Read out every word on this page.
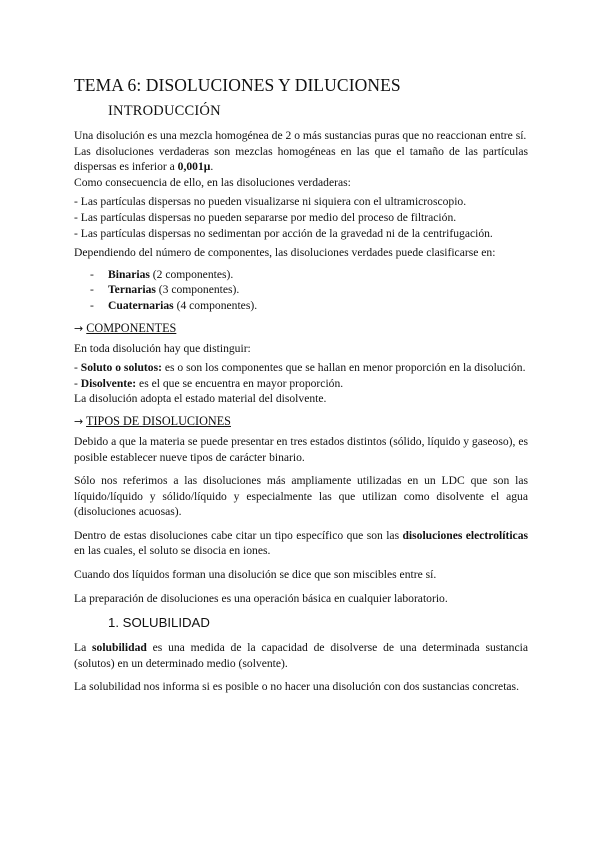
TEMA 6: DISOLUCIONES Y DILUCIONES
INTRODUCCIÓN

Una disolución es una mezcla homogénea de 2 o más sustancias puras que no reaccionan entre sí.

Las disoluciones verdaderas son mezclas homogéneas en las que el tamaño de las partículas dispersas es inferior a 0,001μ.

Como consecuencia de ello, en las disoluciones verdaderas:

- Las partículas dispersas no pueden visualizarse ni siquiera con el ultramicroscopio.

- Las partículas dispersas no pueden separarse por medio del proceso de filtración.

- Las partículas dispersas no sedimentan por acción de la gravedad ni de la centrifugación.

Dependiendo del número de componentes, las disoluciones verdades puede clasificarse en:

- Binarias (2 componentes).
- Ternarias (3 componentes).
- Cuaternarias (4 componentes).
→ COMPONENTES

En toda disolución hay que distinguir:

- Soluto o solutos: es o son los componentes que se hallan en menor proporción en la disolución.

- Disolvente: es el que se encuentra en mayor proporción.

La disolución adopta el estado material del disolvente.

→ TIPOS DE DISOLUCIONES

Debido a que la materia se puede presentar en tres estados distintos (sólido, líquido y gaseoso), es posible establecer nueve tipos de carácter binario.

Sólo nos referimos a las disoluciones más ampliamente utilizadas en un LDC que son las líquido/líquido y sólido/líquido y especialmente las que utilizan como disolvente el agua (disoluciones acuosas).

Dentro de estas disoluciones cabe citar un tipo específico que son las disoluciones electrolíticas en las cuales, el soluto se disocia en iones.

Cuando dos líquidos forman una disolución se dice que son miscibles entre sí.

La preparación de disoluciones es una operación básica en cualquier laboratorio.

1. SOLUBILIDAD

La solubilidad es una medida de la capacidad de disolverse de una determinada sustancia (solutos) en un determinado medio (solvente).

La solubilidad nos informa si es posible o no hacer una disolución con dos sustancias concretas.
